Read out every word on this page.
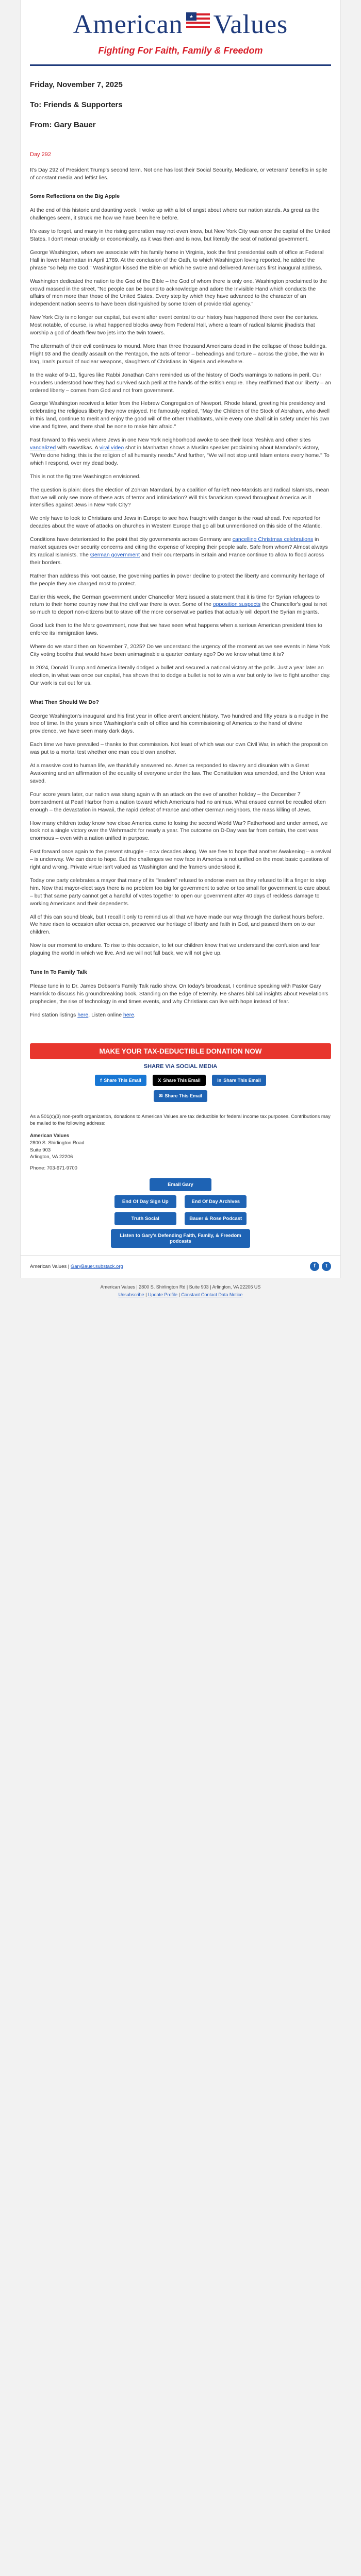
American ★ Values
Fighting For Faith, Family & Freedom
Friday, November 7, 2025
To: Friends & Supporters
From: Gary Bauer
Day 292

It's Day 292 of President Trump's second term. Not one has lost their Social Security, Medicare, or veterans' benefits in spite of constant media and leftist lies.

Some Reflections on the Big Apple

At the end of this historic and daunting week, I woke up with a lot of angst about where our nation stands. As great as the challenges seem, it struck me how we have been here before.

It's easy to forget, and many in the rising generation may not even know, but New York City was once the capital of the United States. I don't mean crucially or economically, as it was then and is now, but literally the seat of national government.

George Washington, whom we associate with his family home in Virginia, took the first presidential oath of office at Federal Hall in lower Manhattan in April 1789. At the conclusion of the Oath, to which Washington loving reported, he added the phrase "so help me God." Washington kissed the Bible on which he swore and delivered America's first inaugural address.

Washington dedicated the nation to the God of the Bible – the God of whom there is only one. Washington proclaimed to the crowd massed in the street, "No people can be bound to acknowledge and adore the Invisible Hand which conducts the affairs of men more than those of the United States. Every step by which they have advanced to the character of an independent nation seems to have been distinguished by some token of providential agency."

New York City is no longer our capital, but event after event central to our history has happened there over the centuries. Most notable, of course, is what happened blocks away from Federal Hall, where a team of radical Islamic jihadists that worship a god of death flew two jets into the twin towers.

The aftermath of their evil continues to mound. More than three thousand Americans dead in the collapse of those buildings. Flight 93 and the deadly assault on the Pentagon, the acts of terror – beheadings and torture – across the globe, the war in Iraq, Iran's pursuit of nuclear weapons, slaughters of Christians in Nigeria and elsewhere.

In the wake of 9-11, figures like Rabbi Jonathan Cahn reminded us of the history of God's warnings to nations in peril. Our Founders understood how they had survived such peril at the hands of the British empire. They reaffirmed that our liberty – an ordered liberty – comes from God and not from government.

George Washington received a letter from the Hebrew Congregation of Newport, Rhode Island, greeting his presidency and celebrating the religious liberty they now enjoyed. He famously replied, "May the Children of the Stock of Abraham, who dwell in this land, continue to merit and enjoy the good will of the other Inhabitants, while every one shall sit in safety under his own vine and figtree, and there shall be none to make him afraid."

Fast forward to this week where Jews in one New York neighborhood awoke to see their local Yeshiva and other sites vandalized with swastikas. A viral video shot in Manhattan shows a Muslim speaker proclaiming about Mamdani's victory, "We're done hiding; this is the religion of all humanity needs." And further, "We will not stop until Islam enters every home." To which I respond, over my dead body.

This is not the fig tree Washington envisioned.

The question is plain: does the election of Zohran Mamdani, by a coalition of far-left neo-Marxists and radical Islamists, mean that we will only see more of these acts of terror and intimidation? Will this fanaticism spread throughout America as it intensifies against Jews in New York City?

We only have to look to Christians and Jews in Europe to see how fraught with danger is the road ahead. I've reported for decades about the wave of attacks on churches in Western Europe that go all but unmentioned on this side of the Atlantic.

Conditions have deteriorated to the point that city governments across Germany are cancelling Christmas celebrations in market squares over security concerns and citing the expense of keeping their people safe. Safe from whom? Almost always it's radical Islamists. The German government and their counterparts in Britain and France continue to allow to flood across their borders.

Rather than address this root cause, the governing parties in power decline to protect the liberty and community heritage of the people they are charged most to protect.

Earlier this week, the German government under Chancellor Merz issued a statement that it is time for Syrian refugees to return to their home country now that the civil war there is over. Some of the opposition suspects the Chancellor's goal is not so much to deport non-citizens but to stave off the more conservative parties that actually will deport the Syrian migrants.

Good luck then to the Merz government, now that we have seen what happens when a serious American president tries to enforce its immigration laws.

Where do we stand then on November 7, 2025? Do we understand the urgency of the moment as we see events in New York City voting booths that would have been unimaginable a quarter century ago? Do we know what time it is?

In 2024, Donald Trump and America literally dodged a bullet and secured a national victory at the polls. Just a year later an election, in what was once our capital, has shown that to dodge a bullet is not to win a war but only to live to fight another day. Our work is cut out for us.

What Then Should We Do?

George Washington's inaugural and his first year in office aren't ancient history. Two hundred and fifty years is a nudge in the tree of time. In the years since Washington's oath of office and his commissioning of America to the hand of divine providence, we have seen many dark days.

Each time we have prevailed – thanks to that commission. Not least of which was our own Civil War, in which the proposition was put to a mortal test whether one man could own another.

At a massive cost to human life, we thankfully answered no. America responded to slavery and disunion with a Great Awakening and an affirmation of the equality of everyone under the law. The Constitution was amended, and the Union was saved.

Four score years later, our nation was stung again with an attack on the eve of another holiday – the December 7 bombardment at Pearl Harbor from a nation toward which Americans had no animus. What ensued cannot be recalled often enough – the devastation in Hawaii, the rapid defeat of France and other German neighbors, the mass killing of Jews.

How many children today know how close America came to losing the second World War? Fatherhood and under armed, we took not a single victory over the Wehrmacht for nearly a year. The outcome on D-Day was far from certain, the cost was enormous – even with a nation unified in purpose.

Fast forward once again to the present struggle – now decades along. We are free to hope that another Awakening – a revival – is underway. We can dare to hope. But the challenges we now face in America is not unified on the most basic questions of right and wrong. Private virtue isn't valued as Washington and the framers understood it.

Today one party celebrates a mayor that many of its "leaders" refused to endorse even as they refused to lift a finger to stop him. Now that mayor-elect says there is no problem too big for government to solve or too small for government to care about – but that same party cannot get a handful of votes together to open our government after 40 days of reckless damage to working Americans and their dependents.

All of this can sound bleak, but I recall it only to remind us all that we have made our way through the darkest hours before. We have risen to occasion after occasion, preserved our heritage of liberty and faith in God, and passed them on to our children.

Now is our moment to endure. To rise to this occasion, to let our children know that we understand the confusion and fear plaguing the world in which we live. And we will not fall back, we will not give up.

Tune In To Family Talk

Please tune in to Dr. James Dobson's Family Talk radio show. On today's broadcast, I continue speaking with Pastor Gary Hamrick to discuss his groundbreaking book, Standing on the Edge of Eternity. He shares biblical insights about Revelation's prophecies, the rise of technology in end times events, and why Christians can live with hope instead of fear.

Find station listings here. Listen online here.

MAKE YOUR TAX-DEDUCTIBLE DONATION NOW
SHARE VIA SOCIAL MEDIA
f Share This Email	X Share This Email	in Share This Email
✉ Share This Email

As a 501(c)(3) non-profit organization, donations to American Values are tax deductible for federal income tax purposes. Contributions may be mailed to the following address:

American Values
2800 S. Shirlington Road
Suite 903
Arlington, VA 22206
Phone: 703-671-9700
Email Gary
End Of Day Sign Up	End Of Day Archives
Truth Social	Bauer & Rose Podcast
Listen to Gary's Defending Faith, Family, & Freedom podcasts
American Values | GaryBauer.substack.org	f t
American Values | 2800 S. Shirlington Rd | Suite 903 | Arlington, VA 22206 US
Unsubscribe | Update Profile | Constant Contact Data Notice
